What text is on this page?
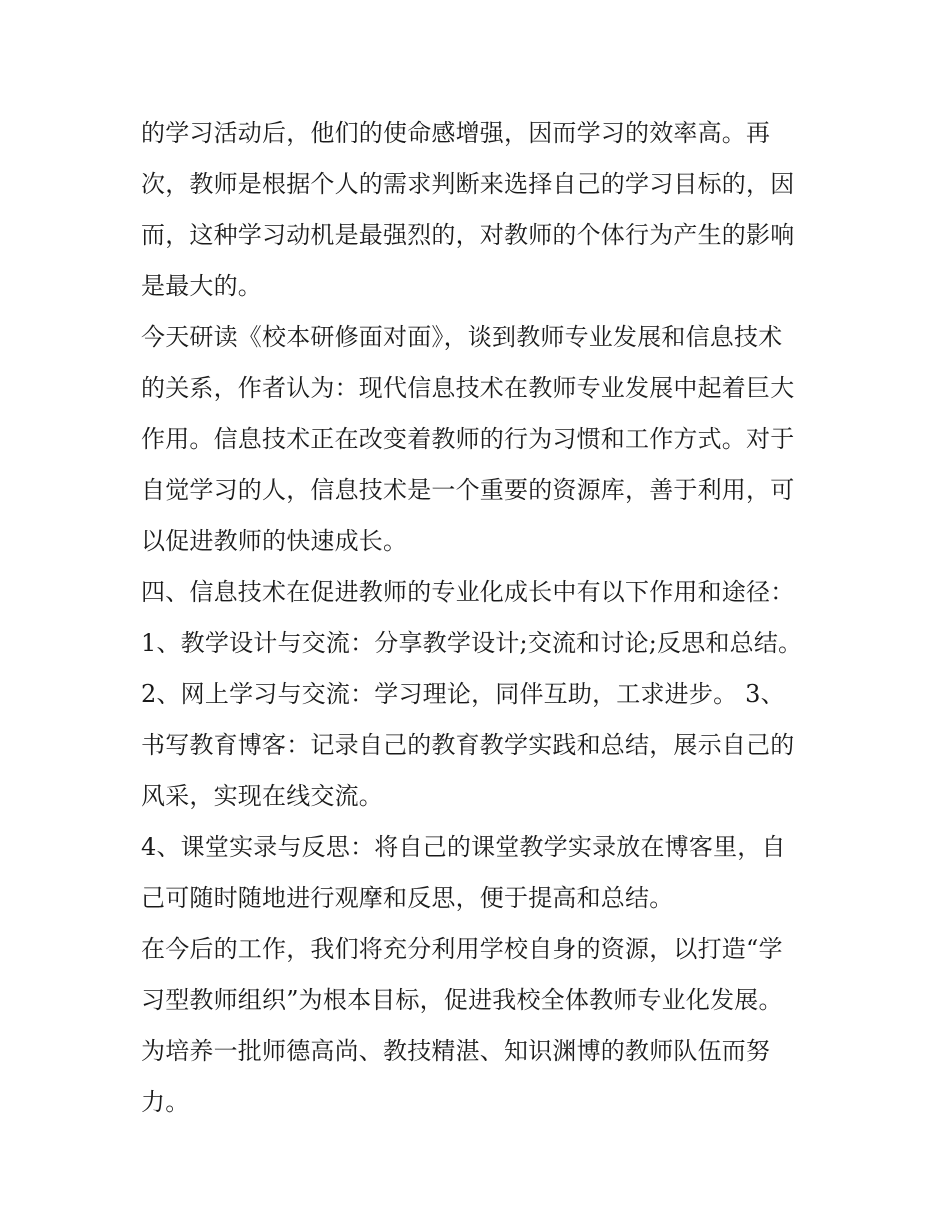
的学习活动后，他们的使命感增强，因而学习的效率高。再
次，教师是根据个人的需求判断来选择自己的学习目标的，因
而，这种学习动机是最强烈的，对教师的个体行为产生的影响
是最大的。
今天研读《校本研修面对面》，谈到教师专业发展和信息技术
的关系，作者认为：现代信息技术在教师专业发展中起着巨大
作用。信息技术正在改变着教师的行为习惯和工作方式。对于
自觉学习的人，信息技术是一个重要的资源库，善于利用，可
以促进教师的快速成长。
四、信息技术在促进教师的专业化成长中有以下作用和途径：
1、教学设计与交流：分享教学设计;交流和讨论;反思和总结。
2、网上学习与交流：学习理论，同伴互助，工求进步。 3、
书写教育博客：记录自己的教育教学实践和总结，展示自己的
风采，实现在线交流。
4、课堂实录与反思：将自己的课堂教学实录放在博客里，自
己可随时随地进行观摩和反思，便于提高和总结。
在今后的工作，我们将充分利用学校自身的资源，以打造“学
习型教师组织”为根本目标，促进我校全体教师专业化发展。
为培养一批师德高尚、教技精湛、知识渊博的教师队伍而努
力。
